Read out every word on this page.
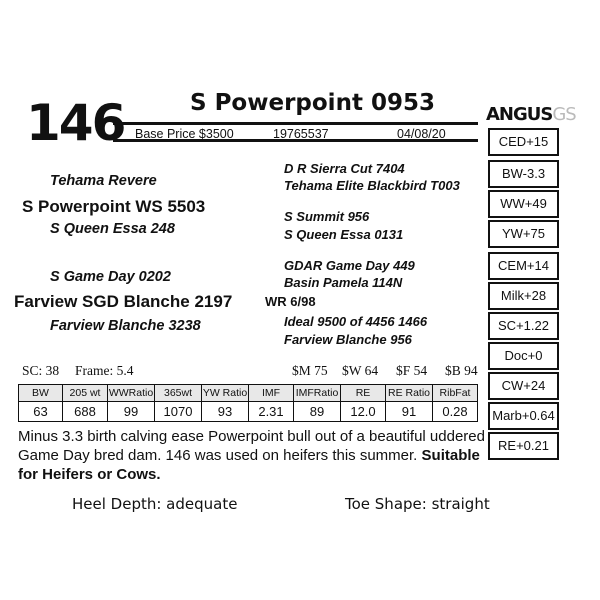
146	S Powerpoint 0953
Base Price $3500	19765537	04/08/20
Tehama Revere
S Powerpoint WS 5503
S Queen Essa 248
S Game Day 0202
Farview SGD Blanche 2197	WR 6/98
Farview Blanche 3238
D R Sierra Cut 7404
Tehama Elite Blackbird T003
S Summit 956
S Queen Essa 0131
GDAR Game Day 449
Basin Pamela 114N
Ideal 9500 of 4456 1466
Farview Blanche 956
ANGUSGS
CED+15
BW-3.3
WW+49
YW+75
CEM+14
Milk+28
SC+1.22
Doc+0
CW+24
Marb+0.64
RE+0.21
SC: 38 Frame: 5.4	$M 75 $W 64 $F 54 $B 94
BW	205 wt	WWRatio	365wt	YW Ratio	IMF	IMFRatio	RE	RE Ratio	RibFat
63	688	99	1070	93	2.31	89	12.0	91	0.28
Minus 3.3 birth calving ease Powerpoint bull out of a beautiful uddered Game Day bred dam. 146 was used on heifers this summer. Suitable for Heifers or Cows.
Heel Depth: adequate	Toe Shape: straight
